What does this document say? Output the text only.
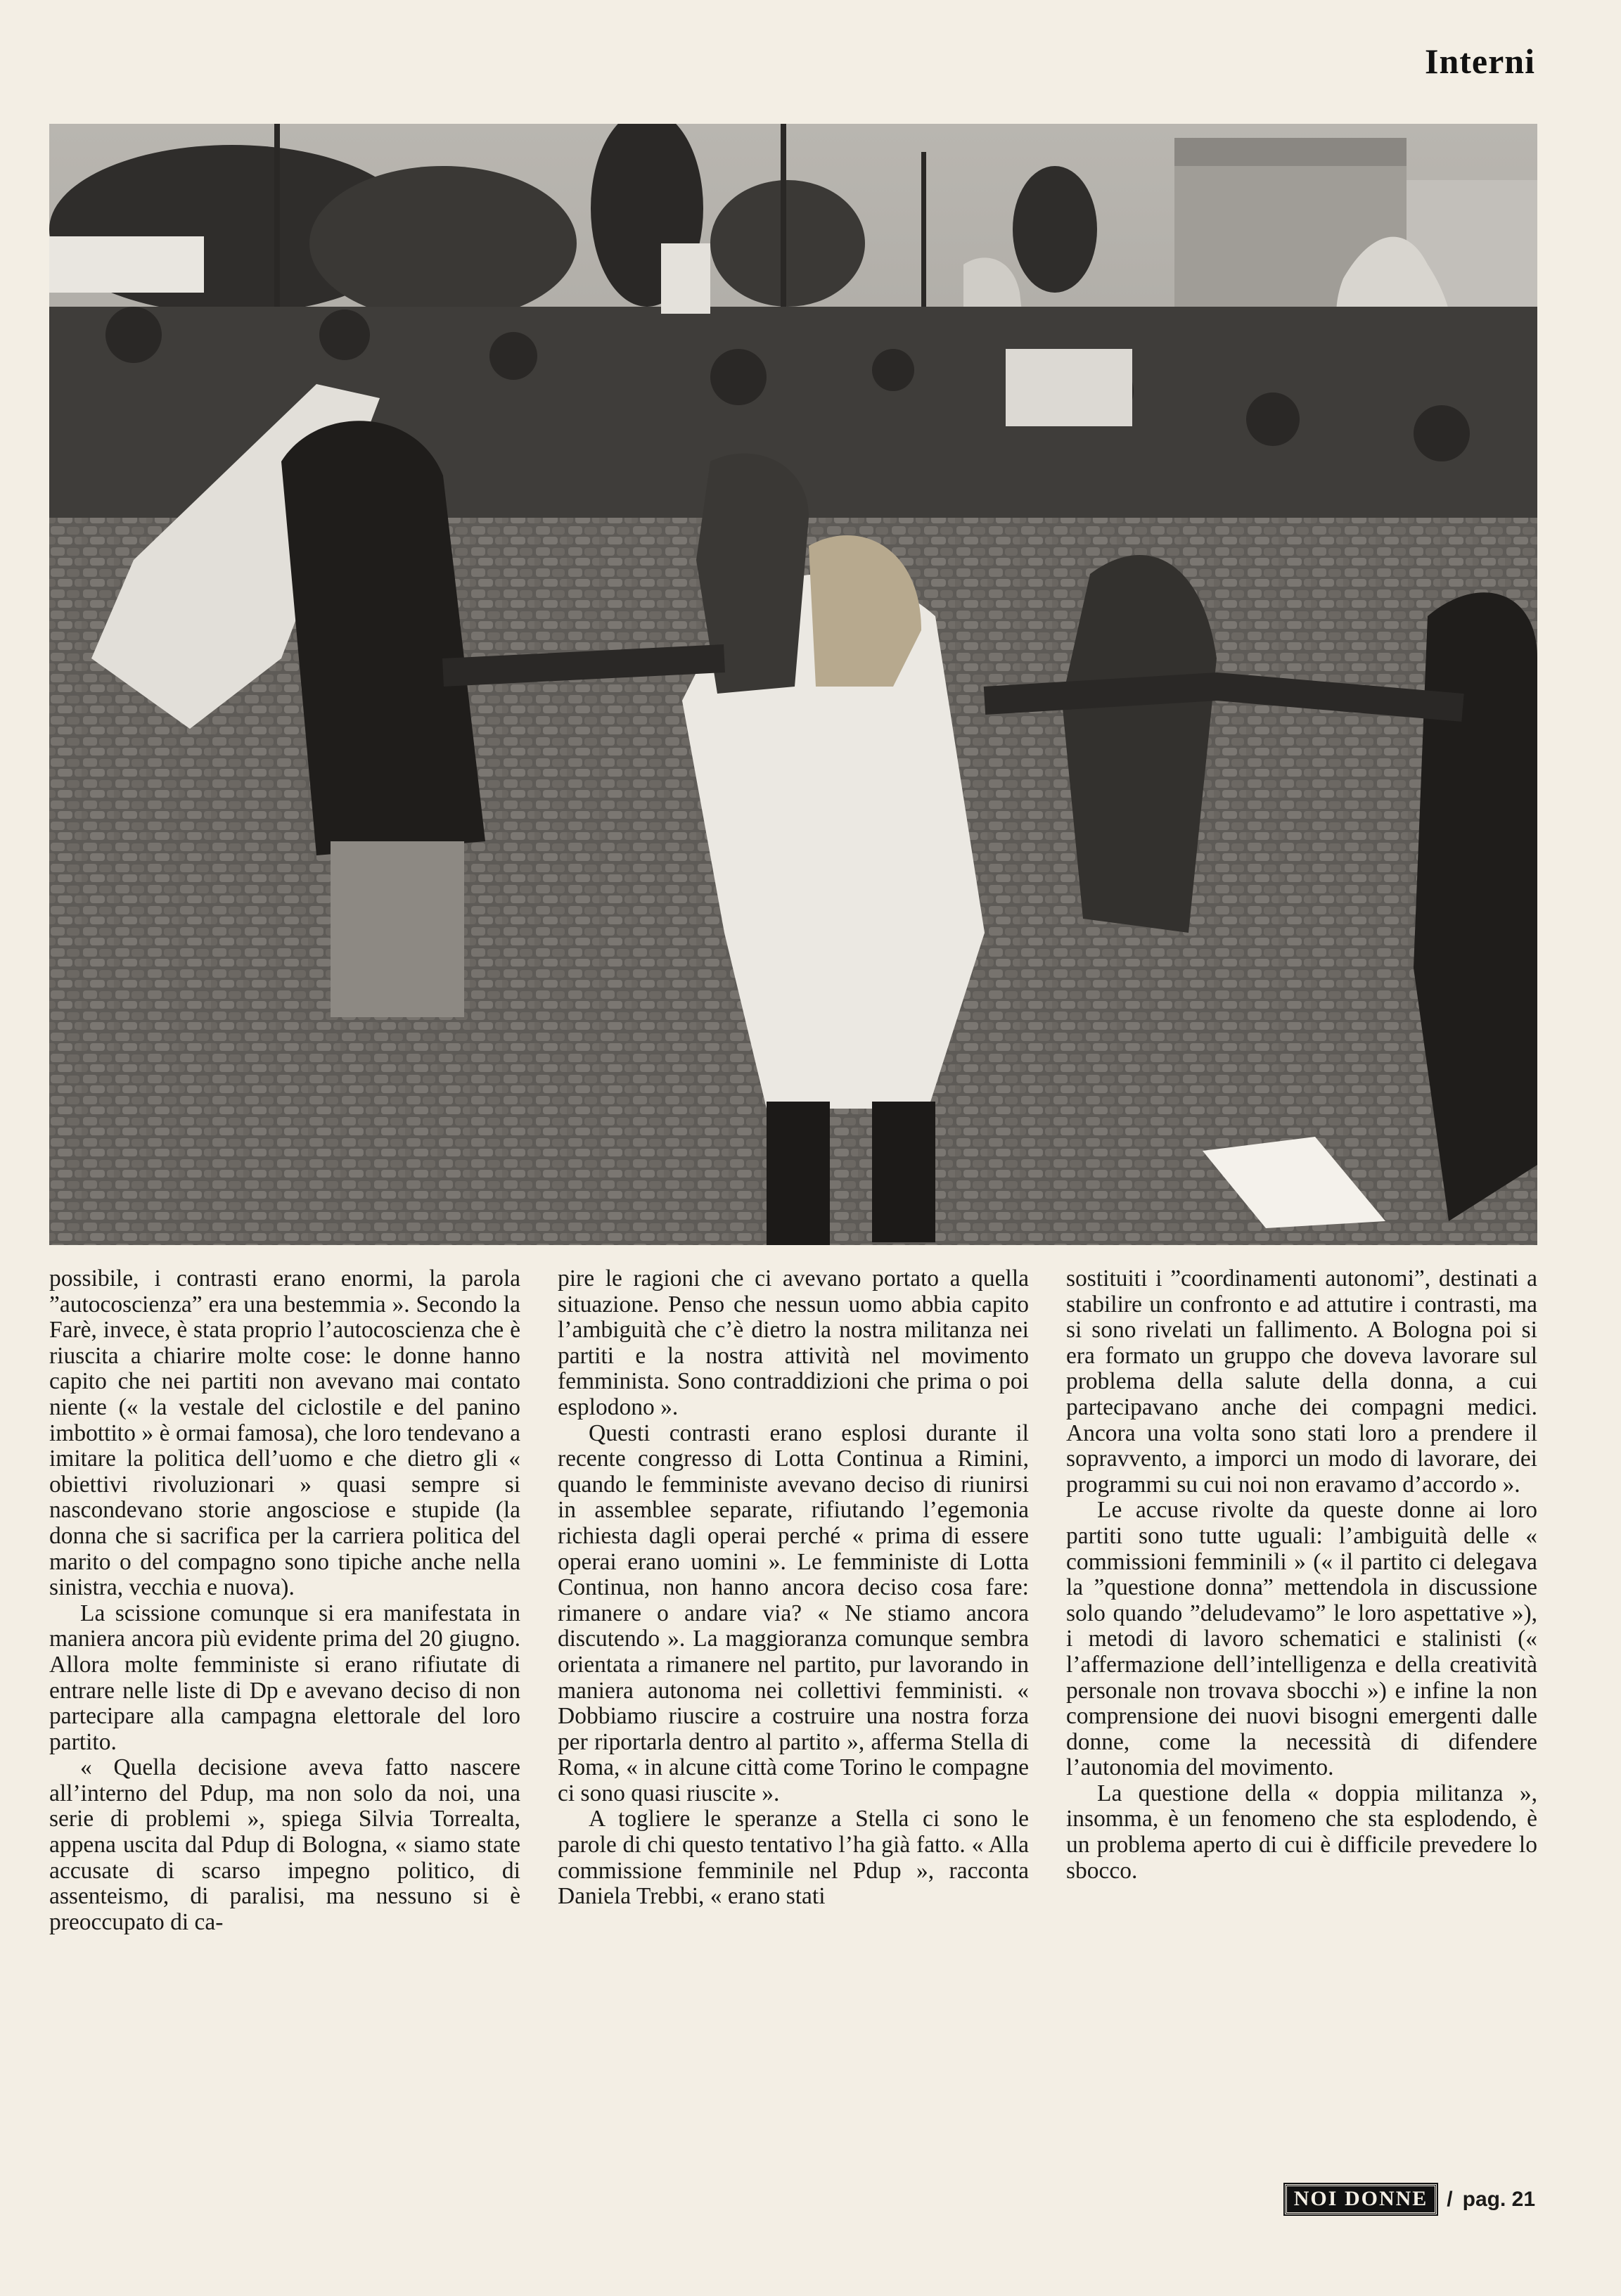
Interni

possibile, i contrasti erano enormi, la parola ”autocoscienza” era una bestemmia ». Secondo la Farè, invece, è stata proprio l’autocoscienza che è riuscita a chiarire molte cose: le donne hanno capito che nei partiti non avevano mai contato niente (« la vestale del ciclostile e del panino imbottito » è ormai famosa), che loro tendevano a imitare la politica dell’uomo e che dietro gli « obiettivi rivoluzionari » quasi sempre si nascondevano storie angosciose e stupide (la donna che si sacrifica per la carriera politica del marito o del compagno sono tipiche anche nella sinistra, vecchia e nuova).

La scissione comunque si era manifestata in maniera ancora più evidente prima del 20 giugno. Allora molte femministe si erano rifiutate di entrare nelle liste di Dp e avevano deciso di non partecipare alla campagna elettorale del loro partito.

« Quella decisione aveva fatto nascere all’interno del Pdup, ma non solo da noi, una serie di problemi », spiega Silvia Torrealta, appena uscita dal Pdup di Bologna, « siamo state accusate di scarso impegno politico, di assenteismo, di paralisi, ma nessuno si è preoccupato di ca-

pire le ragioni che ci avevano portato a quella situazione. Penso che nessun uomo abbia capito l’ambiguità che c’è dietro la nostra militanza nei partiti e la nostra attività nel movimento femminista. Sono contraddizioni che prima o poi esplodono ».

Questi contrasti erano esplosi durante il recente congresso di Lotta Continua a Rimini, quando le femministe avevano deciso di riunirsi in assemblee separate, rifiutando l’egemonia richiesta dagli operai perché « prima di essere operai erano uomini ». Le femministe di Lotta Continua, non hanno ancora deciso cosa fare: rimanere o andare via? « Ne stiamo ancora discutendo ». La maggioranza comunque sembra orientata a rimanere nel partito, pur lavorando in maniera autonoma nei collettivi femministi. « Dobbiamo riuscire a costruire una nostra forza per riportarla dentro al partito », afferma Stella di Roma, « in alcune città come Torino le compagne ci sono quasi riuscite ».

A togliere le speranze a Stella ci sono le parole di chi questo tentativo l’ha già fatto. « Alla commissione femminile nel Pdup », racconta Daniela Trebbi, « erano stati

sostituiti i ”coordinamenti autonomi”, destinati a stabilire un confronto e ad attutire i contrasti, ma si sono rivelati un fallimento. A Bologna poi si era formato un gruppo che doveva lavorare sul problema della salute della donna, a cui partecipavano anche dei compagni medici. Ancora una volta sono stati loro a prendere il sopravvento, a imporci un modo di lavorare, dei programmi su cui noi non eravamo d’accordo ».

Le accuse rivolte da queste donne ai loro partiti sono tutte uguali: l’ambiguità delle « commissioni femminili » (« il partito ci delegava la ”questione donna” mettendola in discussione solo quando ”deludevamo” le loro aspettative »), i metodi di lavoro schematici e stalinisti (« l’affermazione dell’intelligenza e della creatività personale non trovava sbocchi ») e infine la non comprensione dei nuovi bisogni emergenti dalle donne, come la necessità di difendere l’autonomia del movimento.

La questione della « doppia militanza », insomma, è un fenomeno che sta esplodendo, è un problema aperto di cui è difficile prevedere lo sbocco.

NOI DONNE / pag. 21
